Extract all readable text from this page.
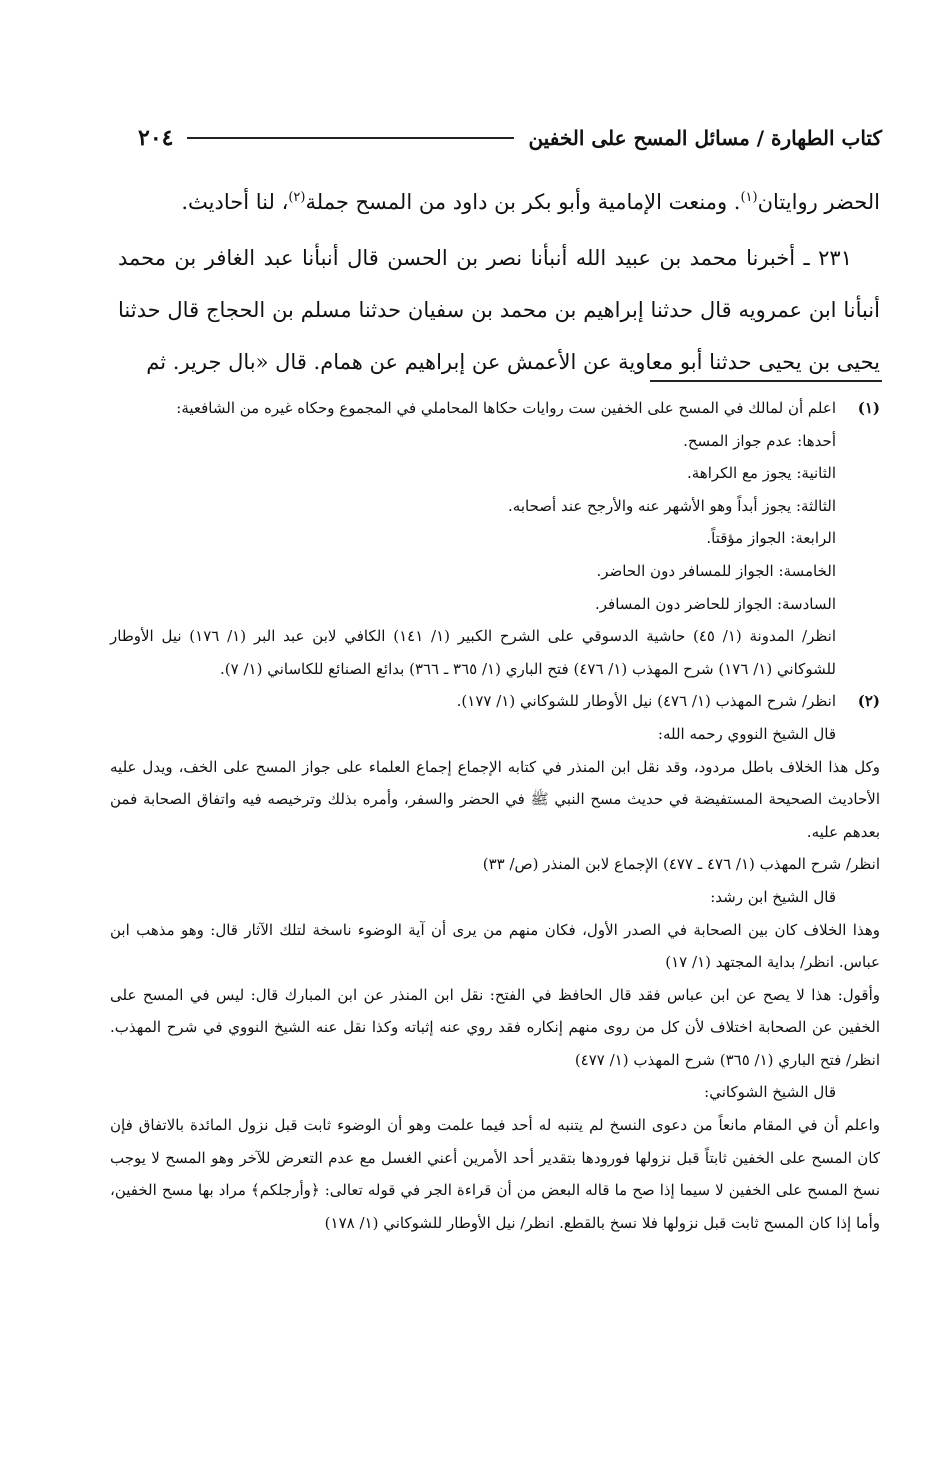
كتاب الطهارة / مسائل المسح على الخفين
٢٠٤

الحضر روايتان$^{(١)}$. ومنعت الإمامية وأبو بكر بن داود من المسح جملة$^{(٢)}$، لنا أحاديث.

٢٣١ ـ أخبرنا محمد بن عبيد الله أنبأنا نصر بن الحسن قال أنبأنا عبد الغافر بن محمد أنبأنا ابن عمرويه قال حدثنا إبراهيم بن محمد بن سفيان حدثنا مسلم بن الحجاج قال حدثنا يحيى بن يحيى حدثنا أبو معاوية عن الأعمش عن إبراهيم عن همام. قال «بال جرير. ثم

(١)

اعلم أن لمالك في المسح على الخفين ست روايات حكاها المحاملي في المجموع وحكاه غيره من الشافعية:

أحدها: عدم جواز المسح.

الثانية: يجوز مع الكراهة.

الثالثة: يجوز أبداً وهو الأشهر عنه والأرجح عند أصحابه.

الرابعة: الجواز مؤقتاً.

الخامسة: الجواز للمسافر دون الحاضر.

السادسة: الجواز للحاضر دون المسافر.

انظر/ المدونة (١/ ٤٥) حاشية الدسوقي على الشرح الكبير (١/ ١٤١) الكافي لابن عبد البر (١/ ١٧٦) نيل الأوطار للشوكاني (١/ ١٧٦) شرح المهذب (١/ ٤٧٦) فتح الباري (١/ ٣٦٥ ـ ٣٦٦) بدائع الصنائع للكاساني (١/ ٧).

(٢)

انظر/ شرح المهذب (١/ ٤٧٦) نيل الأوطار للشوكاني (١/ ١٧٧).

قال الشيخ النووي رحمه الله:

وكل هذا الخلاف باطل مردود، وقد نقل ابن المنذر في كتابه الإجماع إجماع العلماء على جواز المسح على الخف، ويدل عليه الأحاديث الصحيحة المستفيضة في حديث مسح النبي ﷺ في الحضر والسفر، وأمره بذلك وترخيصه فيه واتفاق الصحابة فمن بعدهم عليه.

انظر/ شرح المهذب (١/ ٤٧٦ ـ ٤٧٧) الإجماع لابن المنذر (ص/ ٣٣)

قال الشيخ ابن رشد:

وهذا الخلاف كان بين الصحابة في الصدر الأول، فكان منهم من يرى أن آية الوضوء ناسخة لتلك الآثار قال: وهو مذهب ابن عباس. انظر/ بداية المجتهد (١/ ١٧)

وأقول: هذا لا يصح عن ابن عباس فقد قال الحافظ في الفتح: نقل ابن المنذر عن ابن المبارك قال: ليس في المسح على الخفين عن الصحابة اختلاف لأن كل من روى منهم إنكاره فقد روي عنه إثباته وكذا نقل عنه الشيخ النووي في شرح المهذب. انظر/ فتح الباري (١/ ٣٦٥) شرح المهذب (١/ ٤٧٧)

قال الشيخ الشوكاني:

واعلم أن في المقام مانعاً من دعوى النسخ لم يتنبه له أحد فيما علمت وهو أن الوضوء ثابت قبل نزول المائدة بالاتفاق فإن كان المسح على الخفين ثابتاً قبل نزولها فورودها بتقدير أحد الأمرين أعني الغسل مع عدم التعرض للآخر وهو المسح لا يوجب نسخ المسح على الخفين لا سيما إذا صح ما قاله البعض من أن قراءة الجر في قوله تعالى: ﴿وأرجلكم﴾ مراد بها مسح الخفين، وأما إذا كان المسح ثابت قبل نزولها فلا نسخ بالقطع. انظر/ نيل الأوطار للشوكاني (١/ ١٧٨)
